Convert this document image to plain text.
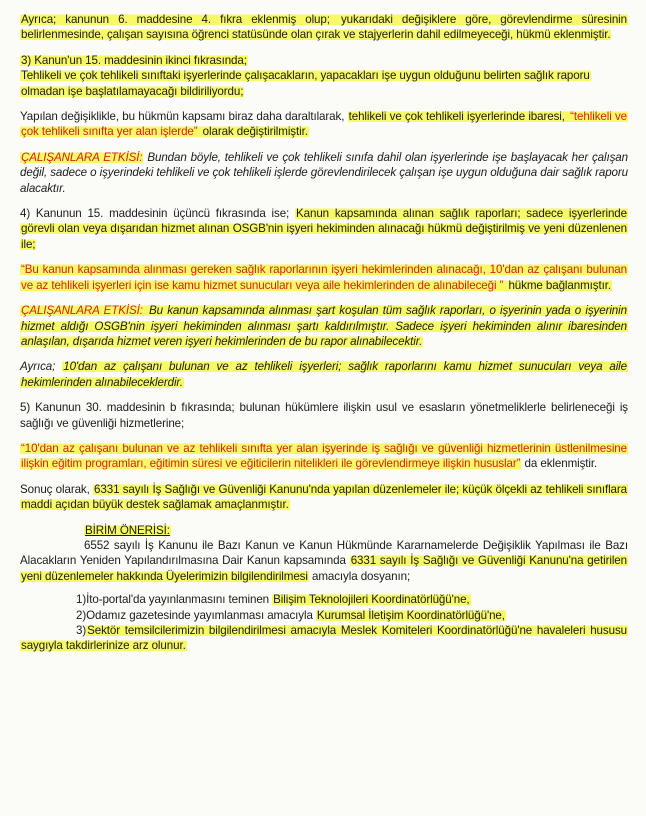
Ayrıca; kanunun 6. maddesine 4. fıkra eklenmiş olup; yukarıdaki değişiklere göre, görevlendirme süresinin belirlenmesinde, çalışan sayısına öğrenci statüsünde olan çırak ve stajyerlerin dahil edilmeyeceği, hükmü eklenmiştir.

3) Kanun'un 15. maddesinin ikinci fıkrasında;
Tehlikeli ve çok tehlikeli sınıftaki işyerlerinde çalışacakların, yapacakları işe uygun olduğunu belirten sağlık raporu olmadan işe başlatılamayacağı bildiriliyordu;

Yapılan değişiklikle, bu hükmün kapsamı biraz daha daraltılarak, tehlikeli ve çok tehlikeli işyerlerinde ibaresi, “tehlikeli ve çok tehlikeli sınıfta yer alan işlerde” olarak değiştirilmiştir.

ÇALIŞANLARA ETKİSİ: Bundan böyle, tehlikeli ve çok tehlikeli sınıfa dahil olan işyerlerinde işe başlayacak her çalışan değil, sadece o işyerindeki tehlikeli ve çok tehlikeli işlerde görevlendirilecek çalışan işe uygun olduğuna dair sağlık raporu alacaktır.

4) Kanunun 15. maddesinin üçüncü fıkrasında ise; Kanun kapsamında alınan sağlık raporları; sadece işyerlerinde görevli olan veya dışarıdan hizmet alınan OSGB'nin işyeri hekiminden alınacağı hükmü değiştirilmiş ve yeni düzenlenen ile;

“Bu kanun kapsamında alınması gereken sağlık raporlarının işyeri hekimlerinden alınacağı, 10'dan az çalışanı bulunan ve az tehlikeli işyerleri için ise kamu hizmet sunucuları veya aile hekimlerinden de alınabileceği ” hükme bağlanmıştır.

ÇALIŞANLARA ETKİSİ: Bu kanun kapsamında alınması şart koşulan tüm sağlık raporları, o işyerinin yada o işyerinin hizmet aldığı OSGB'nin işyeri hekiminden alınması şartı kaldırılmıştır. Sadece işyeri hekiminden alınır ibaresinden anlaşılan, dışarıda hizmet veren işyeri hekimlerinden de bu rapor alınabilecektir.

Ayrıca; 10'dan az çalışanı bulunan ve az tehlikeli işyerleri; sağlık raporlarını kamu hizmet sunucuları veya aile hekimlerinden alınabileceklerdir.

5) Kanunun 30. maddesinin b fıkrasında; bulunan hükümlere ilişkin usul ve esasların yönetmeliklerle belirleneceği iş sağlığı ve güvenliği hizmetlerine;

“10'dan az çalışanı bulunan ve az tehlikeli sınıfta yer alan işyerinde iş sağlığı ve güvenliği hizmetlerinin üstlenilmesine ilişkin eğitim programları, eğitimin süresi ve eğiticilerin nitelikleri ile görevlendirmeye ilişkin hususlar” da eklenmiştir.

Sonuç olarak, 6331 sayılı İş Sağlığı ve Güvenliği Kanunu'nda yapılan düzenlemeler ile; küçük ölçekli az tehlikeli sınıflara maddi açıdan büyük destek sağlamak amaçlanmıştır.

BİRİM ÖNERİSİ:

6552 sayılı İş Kanunu ile Bazı Kanun ve Kanun Hükmünde Kararnamelerde Değişiklik Yapılması ile Bazı Alacakların Yeniden Yapılandırılmasına Dair Kanun kapsamında 6331 sayılı İş Sağlığı ve Güvenliği Kanunu'na getirilen yeni düzenlemeler hakkında Üyelerimizin bilgilendirilmesi amacıyla dosyanın;

1)İto-portal'da yayınlanmasını teminen Bilişim Teknolojileri Koordinatörlüğü'ne,

2)Odamız gazetesinde yayımlanması amacıyla Kurumsal İletişim Koordinatörlüğü'ne,

3)Sektör temsilcilerimizin bilgilendirilmesi amacıyla Meslek Komiteleri Koordinatörlüğü'ne havaleleri hususu saygıyla takdirlerinize arz olunur.
